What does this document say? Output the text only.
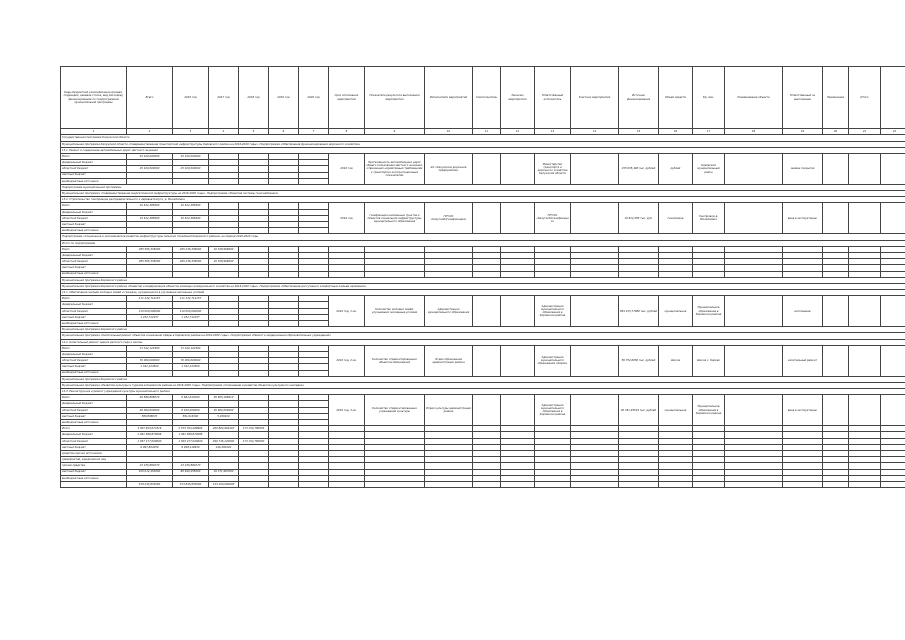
Коды бюджетной классификации (раздел, подраздел, целевая статья, вид расходов), финансирование по подпрограммам муниципальной программы	Всего	2016 год	2017 год	2018 год	2019 год	2020 год	Срок исполнения мероприятий	Показатели результата выполнения мероприятия	Исполнители мероприятий	Соисполнитель	Заказчик мероприятия	Ответственный исполнитель	Участник мероприятия	Источник финансирования	Объем средств	Ед. изм.	Наименование объекта	Ответственный за выполнение	Примечание	Итого	
1	2	3	4	5	6	7	8	9	10	11	12	13	14	15	16	17	18	19	20	21	22
Государственная программа Калужской области																					
Муниципальная программа Калужской области «Совершенствование транспортной инфраструктуры Кировского района на 2016-2020 годы». Подпрограмма «Обеспечение функционирования дорожного хозяйства»																					
13.1. Ремонт и содержание автомобильных дорог местного значения																					
Всего	25 100,000000	25 100,000000					2016 год	Протяженность автомобильных дорог общего пользования местного значения, отвечающих нормативным требованиям к транспортно-эксплуатационным показателям	АО «Калужское дорожное предприятие»			Министерство транспорта и дорожного хозяйства Калужской области		155 935,496 тыс. рублей	рублей	Кировский муниципальный район		замена покрытия			
федеральный бюджет																					
областной бюджет	25 100,000000	25 100,000000																			
местный бюджет																					
внебюджетные источники																					
Подпрограмма муниципальной программы																					
Муниципальная программа «Совершенствование энергетической инфраструктуры на 2016-2020 годы». Подпрограмма «Развитие системы газоснабжения»																					
13.2. Строительство газопровода распределительного к деревне Калуга, д. Михайловка																					
Всего	10 612,385600	10 612,385600					2016 год	Газификация населенных пунктов и объектов социальной инфраструктуры муниципального образования	ГУП КО «Калугаоблгазификация»			ГУП КО «Калугаоблгазификация»		10 612,385 тыс. руб.	Газопровод	Газопровод д. Михайловка		ввод в эксплуатацию			
федеральный бюджет																					
областной бюджет	10 612,385600	10 612,385600																			
местный бюджет																					
внебюджетные источники																					
Подпрограмма «Социальное и экономическое развитие инфраструктуры сельских поселений Кировского района» на период 2016-2020 годы																					
Итого по подпрограмме																					
Всего	285 565,335000	265 236,336000	20 328,999000																		
федеральный бюджет																					
областной бюджет	285 565,335000	265 236,336000	20 328,999000																		
местный бюджет																					
внебюджетные источники																					
Муниципальная программа Кировского района																					
Муниципальная программа Кировского района «Развитие и модернизация объектов жилищно-коммунального хозяйства на 2016-2020 годы». Подпрограмма «Обеспечение доступным и комфортным жильем населения»																					
14.1. Обеспечение жильем молодых семей и граждан, нуждающихся в улучшении жилищных условий																					
Всего	111 232,712157	111 232,712157					2016 год, 1 кв.	Количество молодых семей, улучшивших жилищные условия	Администрация муниципального образования			Администрация муниципального образования в Кировском районе		854 233,77986 тыс. рублей	муниципальное	Муниципальное образование в Кировском районе		исполнение			
федеральный бюджет																					
областной бюджет	110 000,000000	110 000,000000																			
местный бюджет	1 232,712157	1 232,712157																			
внебюджетные источники																					
Муниципальная программа Кировского района																					
Муниципальная программа «Капитальный ремонт объектов социальной сферы в Кировском районе на 2016-2020 годы». Подпрограмма «Ремонт и модернизация образовательных учреждений»																					
14.2. Капитальный ремонт здания детского сада и школы																					
Всего	71 342,124500	71 342,124500					2016 год, 2 кв.	Количество отремонтированных объектов образования	Отдел образования администрации района			Администрация муниципального образования «Киров»		59 752,6050 тыс. рублей	Школа	Школа с. Кирово		капитальный ремонт			
федеральный бюджет																					
областной бюджет	70 000,000000	70 000,000000																			
местный бюджет	1 342,124500	1 342,124500																			
внебюджетные источники																					
Муниципальная программа Кировского района																					
Муниципальная программа «Развитие культуры и туризма в Кировском районе на 2016-2020 годы». Подпрограмма «Сохранение и развитие объектов культурного наследия»																					
14.3. Реконструкция и ремонт учреждений культуры муниципального района																					
Всего	46 586,808070	6 681,618160	39 905,189910				2016 год, 3 кв.	Количество отремонтированных учреждений культуры	Отдел культуры администрации района			Администрация муниципального образования в Кировском районе		30 351,93519 тыс. рублей	муниципальное	Муниципальное образование в Кировском районе		ввод в эксплуатацию			
федеральный бюджет																					
областной бюджет	46 000,000000	6 100,000000	39 900,000000																		
местный бюджет	586,808070	581,618160	5,189910																		
внебюджетные источники																					
Итого	3 007 843,674316	2 573 794,289993	260 894,604320	173 154,780003																	
федеральный бюджет	1 061 568,870066	1 061 568,870066																			
областной бюджет	1 937 177,000000	1 503 277,000000	260 745,220000	173 154,780000																	
местный бюджет	9 097,804250	8 948,419930	149,384320																		
средства прочих источников																					
предприятий, юридических лиц																					
прочие средства	23 435,882070	23 435,882070																			
местный бюджет	100 012,452000	80 640,455000	19 371,997000																		
внебюджетные источники																					
	518 245,833000	374 845,833000	143 400,000000																		
